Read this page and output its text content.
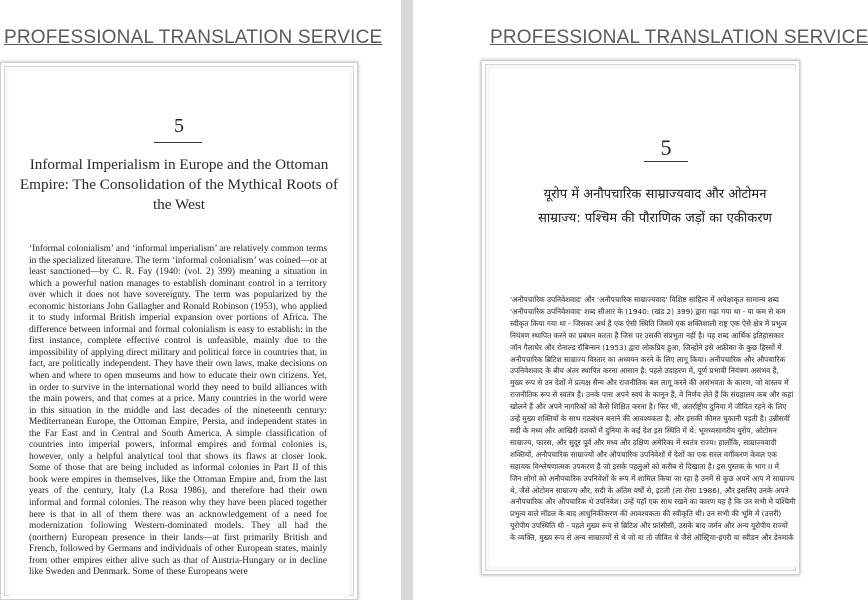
PROFESSIONAL TRANSLATION SERVICE	PROFESSIONAL TRANSLATION SERVICE
5
Informal Imperialism in Europe and the Ottoman Empire: The Consolidation of the Mythical Roots of the West

‘Informal colonialism’ and ‘informal imperialism’ are relatively common terms in the specialized literature. The term ‘informal colonialism’ was coined—or at least sanctioned—by C. R. Fay (1940: (vol. 2) 399) meaning a situation in which a powerful nation manages to establish dominant control in a territory over which it does not have sovereignty. The term was popularized by the economic historians John Gallagher and Ronald Robinson (1953), who applied it to study informal British imperial expansion over portions of Africa. The difference between informal and formal colonialism is easy to establish: in the first instance, complete effective control is unfeasible, mainly due to the impossibility of applying direct military and political force in countries that, in fact, are politically independent. They have their own laws, make decisions on when and where to open museums and how to educate their own citizens. Yet, in order to survive in the international world they need to build alliances with the main powers, and that comes at a price. Many countries in the world were in this situation in the middle and last decades of the nineteenth century: Mediterranean Europe, the Ottoman Empire, Persia, and independent states in the Far East and in Central and South America. A simple classification of countries into imperial powers, informal empires and formal colonies is, however, only a helpful analytical tool that shows its flaws at closer look. Some of those that are being included as informal colonies in Part II of this book were empires in themselves, like the Ottoman Empire and, from the last years of the century, Italy (La Rosa 1986), and therefore had their own informal and formal colonies. The reason why they have been placed together here is that in all of them there was an acknowledgement of a need for modernization following Western-dominated models. They all had the (northern) European presence in their lands—at first primarily British and French, followed by Germans and individuals of other European states, mainly from other empires either alive such as that of Austria-Hungary or in decline like Sweden and Denmark. Some of these Europeans were

5
यूरोप में अनौपचारिक साम्राज्यवाद और ओटोमन
साम्राज्य: पश्चिम की पौराणिक जड़ों का एकीकरण

'अनौपचारिक उपनिवेशवाद' और 'अनौपचारिक साम्राज्यवाद' विशिष्ट साहित्य में अपेक्षाकृत सामान्य शब्द
'अनौपचारिक उपनिवेशवाद' शब्द सीआर के (1940: (खंड 2) 399) द्वारा गढ़ा गया था - या कम से कम
स्वीकृत किया गया था - जिसका अर्थ है एक ऐसी स्थिति जिसमें एक शक्तिशाली राष्ट्र एक ऐसे क्षेत्र में प्रभुत्व
नियंत्रण स्थापित करने का प्रबंधन करता है जिस पर उसकी संप्रभुता नहीं है। यह शब्द आर्थिक इतिहासकार
जॉन गैलाघेर और रोनाल्ड रॉबिन्सन (1953) द्वारा लोकप्रिय हुआ, जिन्होंने इसे अफ्रीका के कुछ हिस्सों में
अनौपचारिक ब्रिटिश साम्राज्य विस्तार का अध्ययन करने के लिए लागू किया। अनौपचारिक और औपचारिक
उपनिवेशवाद के बीच अंतर स्थापित करना आसान है: पहले उदाहरण में, पूर्ण प्रभावी नियंत्रण असंभव है,
मुख्य रूप से उन देशों में प्रत्यक्ष सैन्य और राजनीतिक बल लागू करने की असंभवता के कारण, जो वास्तव में
राजनीतिक रूप से स्वतंत्र हैं। उनके पास अपने स्वयं के कानून हैं, वे निर्णय लेते हैं कि संग्रहालय कब और कहां
खोलने हैं और अपने नागरिकों को कैसे शिक्षित करना है। फिर भी, अंतर्राष्ट्रीय दुनिया में जीवित रहने के लिए
उन्हें मुख्य शक्तियों के साथ गठबंधन बनाने की आवश्यकता है, और इसकी कीमत चुकानी पड़ती है। उन्नीसवीं
सदी के मध्य और आखिरी दशकों में दुनिया के कई देश इस स्थिति में थे: भूमध्यसागरीय यूरोप, ओटोमन
साम्राज्य, फारस, और सुदूर पूर्व और मध्य और दक्षिण अमेरिका में स्वतंत्र राज्य। हालाँकि, साम्राज्यवादी
शक्तियों, अनौपचारिक साम्राज्यों और औपचारिक उपनिवेशों में देशों का एक सरल वर्गीकरण केवल एक
सहायक विश्लेषणात्मक उपकरण है जो इसके पहलुओं को करीब से दिखाता है। इस पुस्तक के भाग II में
जिन लोगों को अनौपचारिक उपनिवेशों के रूप में शामिल किया जा रहा है उनमें से कुछ अपने आप में साम्राज्य
थे, जैसे ओटोमन साम्राज्य और, सदी के अंतिम वर्षों से, इटली (ला रोसा 1986), और इसलिए उनके अपने
अनौपचारिक और औपचारिक थे उपनिवेश। उन्हें यहाँ एक साथ रखने का कारण यह है कि उन सभी में पश्चिमी
प्रभुत्व वाले मॉडल के बाद आधुनिकीकरण की आवश्यकता की स्वीकृति थी। उन सभी की भूमि में (उत्तरी)
यूरोपीय उपस्थिति थी - पहले मुख्य रूप से ब्रिटिश और फ्रांसीसी, उसके बाद जर्मन और अन्य यूरोपीय राज्यों
के व्यक्ति, मुख्य रूप से अन्य साम्राज्यों से थे जो या तो जीवित थे जैसे ऑस्ट्रिया-हंगरी या स्वीडन और डेनमार्क
